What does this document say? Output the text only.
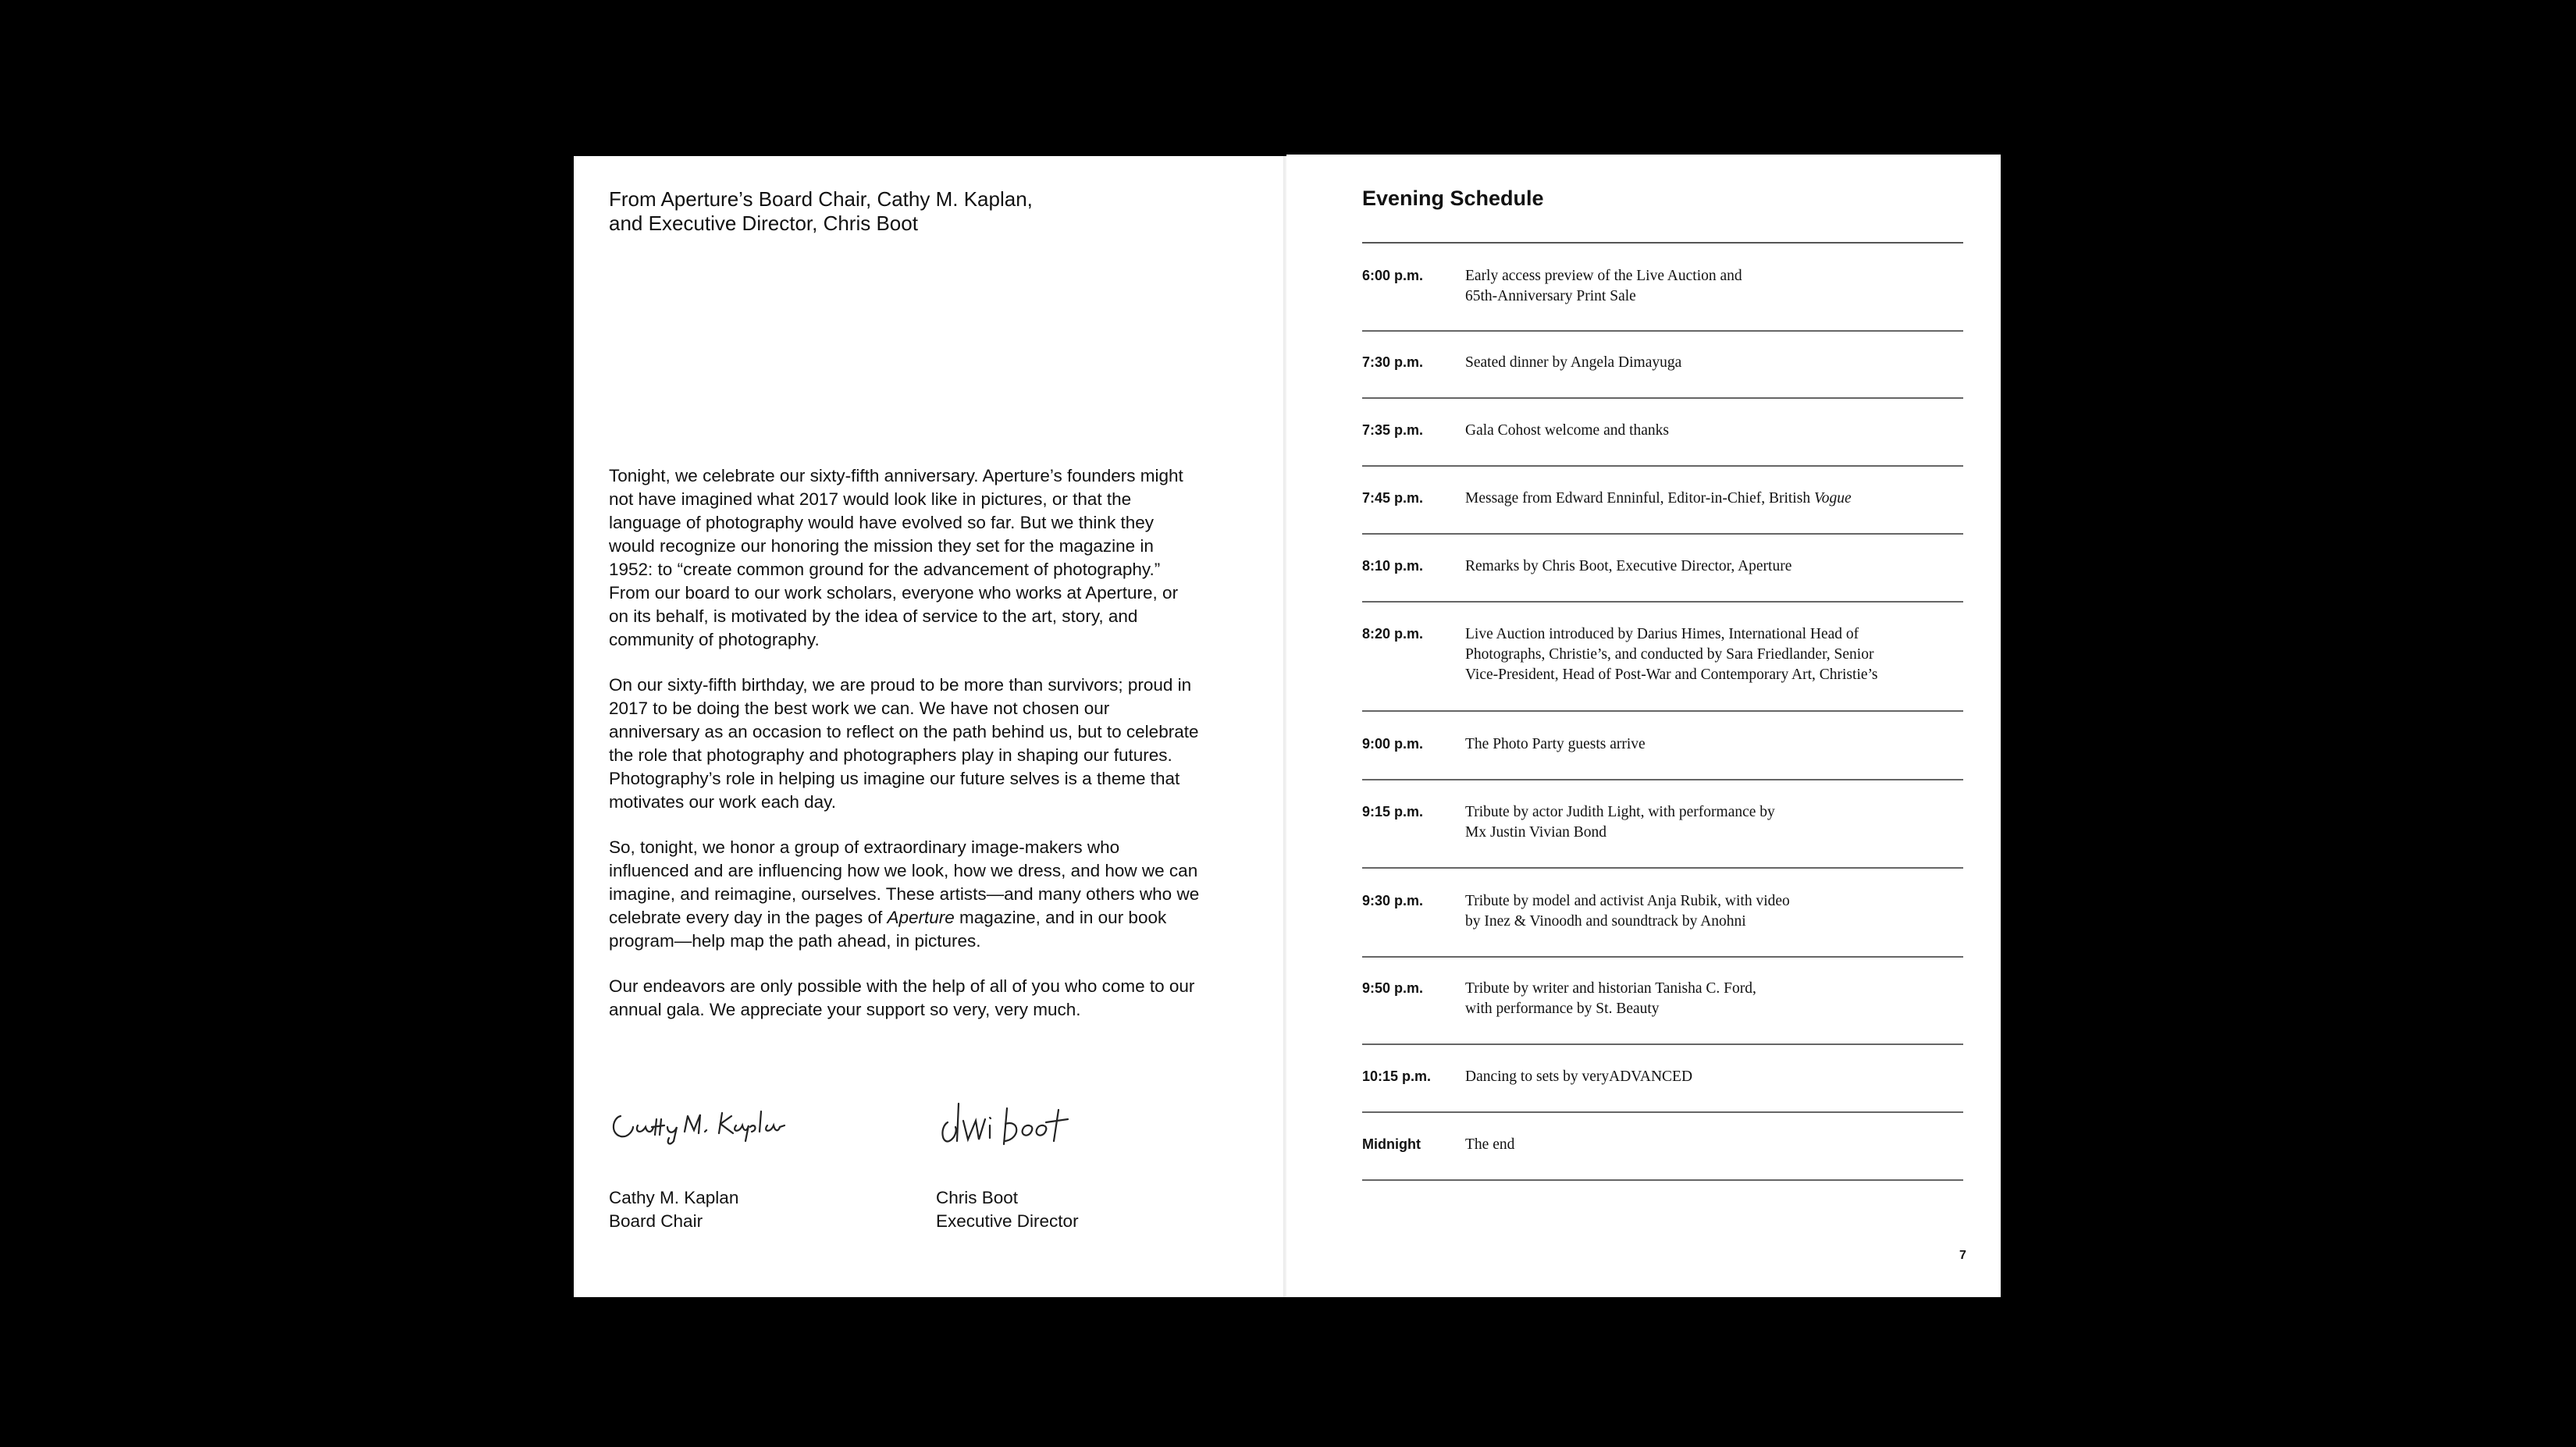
From Aperture’s Board Chair, Cathy M. Kaplan,
and Executive Director, Chris Boot

Tonight, we celebrate our sixty-fifth anniversary. Aperture’s founders might not have imagined what 2017 would look like in pictures, or that the language of photography would have evolved so far. But we think they would recognize our honoring the mission they set for the magazine in 1952: to “create common ground for the advancement of photography.” From our board to our work scholars, everyone who works at Aperture, or on its behalf, is motivated by the idea of service to the art, story, and community of photography.

On our sixty-fifth birthday, we are proud to be more than survivors; proud in 2017 to be doing the best work we can. We have not chosen our anniversary as an occasion to reflect on the path behind us, but to celebrate the role that photography and photographers play in shaping our futures. Photography’s role in helping us imagine our future selves is a theme that motivates our work each day.

So, tonight, we honor a group of extraordinary image-makers who influenced and are influencing how we look, how we dress, and how we can imagine, and reimagine, ourselves. These artists—and many others who we celebrate every day in the pages of Aperture magazine, and in our book program—help map the path ahead, in pictures.

Our endeavors are only possible with the help of all of you who come to our annual gala. We appreciate your support so very, very much.

Cathy M. Kaplan
Board Chair
Chris Boot
Executive Director
Evening Schedule
6:00 p.m.	Early access preview of the Live Auction and
65th-Anniversary Print Sale
7:30 p.m.	Seated dinner by Angela Dimayuga
7:35 p.m.	Gala Cohost welcome and thanks
7:45 p.m.	Message from Edward Enninful, Editor-in-Chief, British Vogue
8:10 p.m.	Remarks by Chris Boot, Executive Director, Aperture
8:20 p.m.	Live Auction introduced by Darius Himes, International Head of
Photographs, Christie’s, and conducted by Sara Friedlander, Senior
Vice-President, Head of Post-War and Contemporary Art, Christie’s
9:00 p.m.	The Photo Party guests arrive
9:15 p.m.	Tribute by actor Judith Light, with performance by
Mx Justin Vivian Bond
9:30 p.m.	Tribute by model and activist Anja Rubik, with video
by Inez & Vinoodh and soundtrack by Anohni
9:50 p.m.	Tribute by writer and historian Tanisha C. Ford,
with performance by St. Beauty
10:15 p.m.	Dancing to sets by veryADVANCED
Midnight	The end
7
